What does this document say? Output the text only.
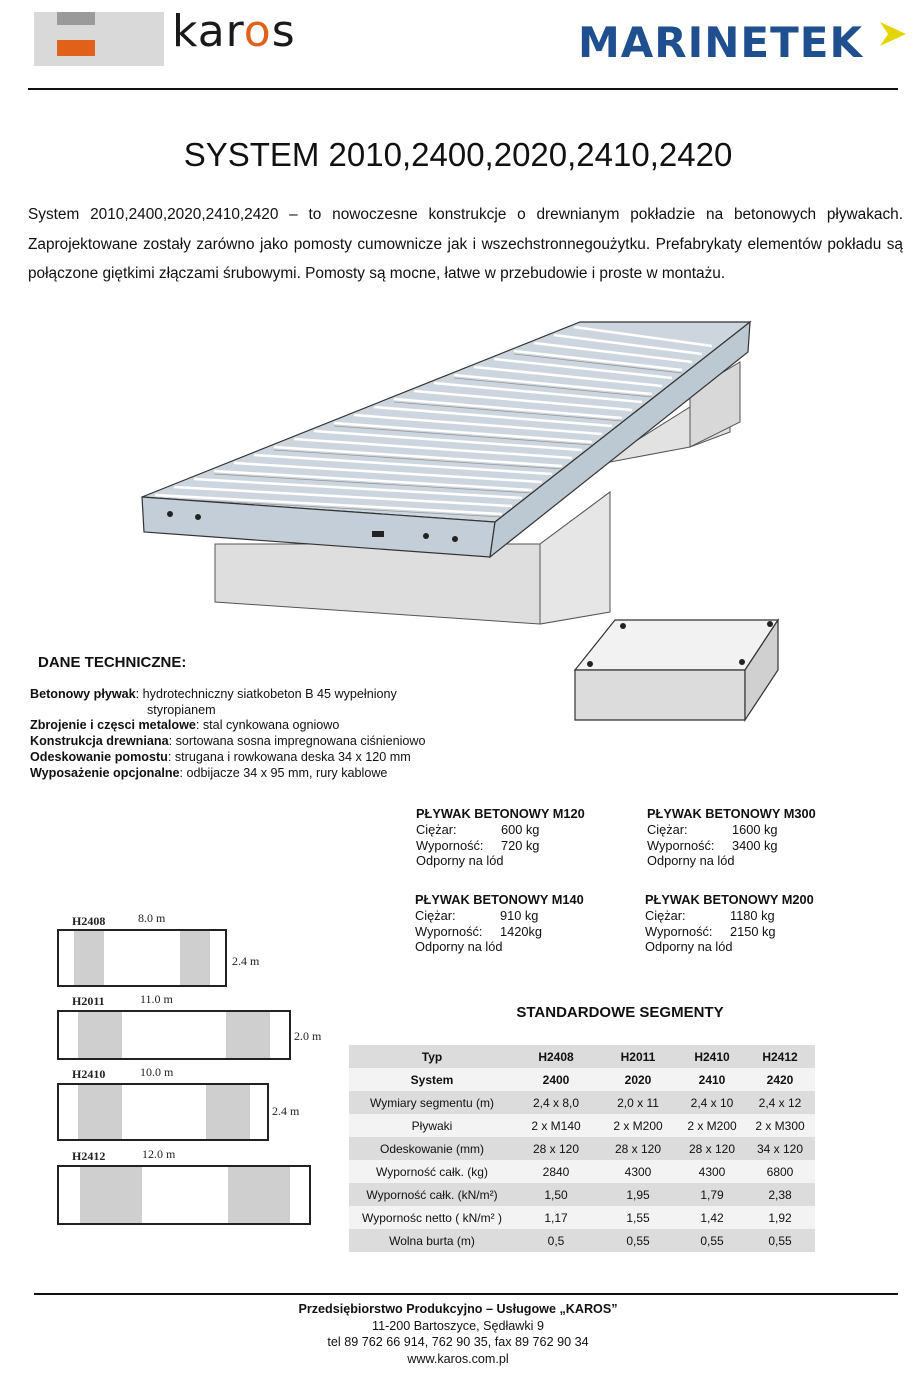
karos	MARINETEK
SYSTEM 2010,2400,2020,2410,2420

System 2010,2400,2020,2410,2420 – to nowoczesne konstrukcje o drewnianym pokładzie na betonowych pływakach. Zaprojektowane zostały zarówno jako pomosty cumownicze jak i wszechstronnegoużytku. Prefabrykaty elementów pokładu są połączone giętkimi złączami śrubowymi. Pomosty są mocne, łatwe w przebudowie i proste w montażu.

DANE TECHNICZNE:
Betonowy pływak: hydrotechniczny siatkobeton B 45 wypełniony
styropianem
Zbrojenie i częsci metalowe: stal cynkowana ogniowo
Konstrukcja drewniana: sortowana sosna impregnowana ciśnieniowo
Odeskowanie pomostu: strugana i rowkowana deska 34 x 120 mm
Wyposażenie opcjonalne: odbijacze 34 x 95 mm, rury kablowe
PŁYWAK BETONOWY M120
Ciężar:	600 kg
Wyporność: 720 kg
Odporny na lód
PŁYWAK BETONOWY M300
Ciężar:	1600 kg
Wyporność: 3400 kg
Odporny na lód
PŁYWAK BETONOWY M140
Ciężar:	910 kg
Wyporność: 1420kg
Odporny na lód
PŁYWAK BETONOWY M200
Ciężar:	1180 kg
Wyporność: 2150 kg
Odporny na lód
H2408	8.0 m
2.4 m
H2011	11.0 m
2.0 m
H2410	10.0 m
2.4 m
H2412	12.0 m
STANDARDOWE SEGMENTY
Typ	H2408	H2011	H2410	H2412
System	2400	2020	2410	2420
Wymiary segmentu (m)	2,4 x 8,0	2,0 x 11	2,4 x 10	2,4 x 12
Pływaki	2 x M140	2 x M200	2 x M200	2 x M300
Odeskowanie (mm)	28 x 120	28 x 120	28 x 120	34 x 120
Wyporność całk. (kg)	2840	4300	4300	6800
Wyporność całk. (kN/m²)	1,50	1,95	1,79	2,38
Wypornośc netto ( kN/m² )	1,17	1,55	1,42	1,92
Wolna burta (m)	0,5	0,55	0,55	0,55
Przedsiębiorstwo Produkcyjno – Usługowe „KAROS”
11-200 Bartoszyce, Sędławki 9
tel 89 762 66 914, 762 90 35, fax 89 762 90 34
www.karos.com.pl
